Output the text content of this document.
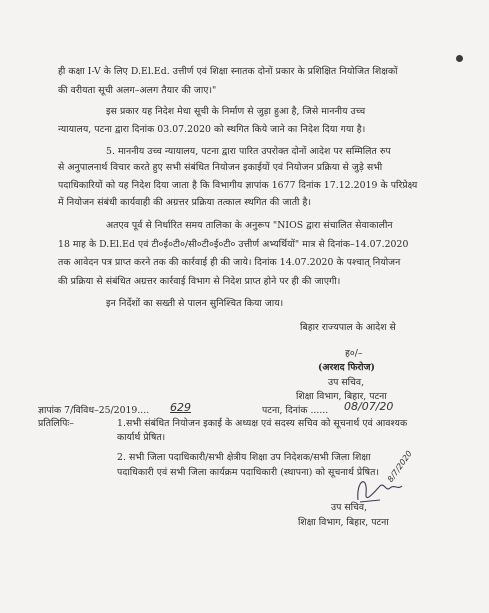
ही कक्षा I-V के लिए D.El.Ed. उत्तीर्ण एवं शिक्षा स्नातक दोनों प्रकार के प्रशिक्षित नियोजित शिक्षकों
की वरीयता सूची अलग–अलग तैयार की जाए।"
इस प्रकार यह निदेश मेधा सूची के निर्माण से जुड़ा हुआ है, जिसे माननीय उच्च
न्यायालय, पटना द्वारा दिनांक 03.07.2020 को स्थगित किये जाने का निदेश दिया गया है।
5. माननीय उच्च न्यायालय, पटना द्वारा पारित उपरोक्त दोनों आदेश पर सम्मिलित रुप
से अनुपालनार्थ विचार करते हुए सभी संबंधित नियोजन इकाईयों एवं नियोजन प्रक्रिया से जुड़े सभी
पदाधिकारियों को यह निदेश दिया जाता है कि विभागीय ज्ञापांक 1677 दिनांक 17.12.2019 के परिप्रेक्ष्य
में नियोजन संबंधी कार्यवाही की अग्रत्तर प्रक्रिया तत्काल स्थगित की जाती है।
अतएव पूर्व से निर्धारित समय तालिका के अनुरूप "NIOS द्वारा संचालित सेवाकालीन
18 माह के D.El.Ed एवं टी०ई०टी०/सी०टी०ई०टी० उत्तीर्ण अभ्यर्थियों" मात्र से दिनांक–14.07.2020
तक आवेदन पत्र प्राप्त करने तक की कार्रवाई ही की जाये। दिनांक 14.07.2020 के पश्चात् नियोजन
की प्रक्रिया से संबंधित अग्रत्तर कार्रवाई विभाग से निदेश प्राप्त होने पर ही की जाएगी।
इन निर्देशों का सख्ती से पालन सुनिश्चित किया जाय।
बिहार राज्यपाल के आदेश से
ह०/–
(अरशद फिरोज)
उप सचिव,
शिक्षा विभाग, बिहार, पटना
ज्ञापांक 7/विविध–25/2019.... 629	पटना, दिनांक ...... 08/07/20
प्रतिलिपिः–	1.सभी संबंधित नियोजन इकाई के अध्यक्ष एवं सदस्य सचिव को सूचनार्थ एवं आवश्यक
कार्यार्थ प्रेषित।
2. सभी जिला पदाधिकारी/सभी क्षेत्रीय शिक्षा उप निदेशक/सभी जिला शिक्षा
पदाधिकारी एवं सभी जिला कार्यक्रम पदाधिकारी (स्थापना) को सूचनार्थ प्रेषित। 8/7/2020
उप सचिव,
शिक्षा विभाग, बिहार, पटना
